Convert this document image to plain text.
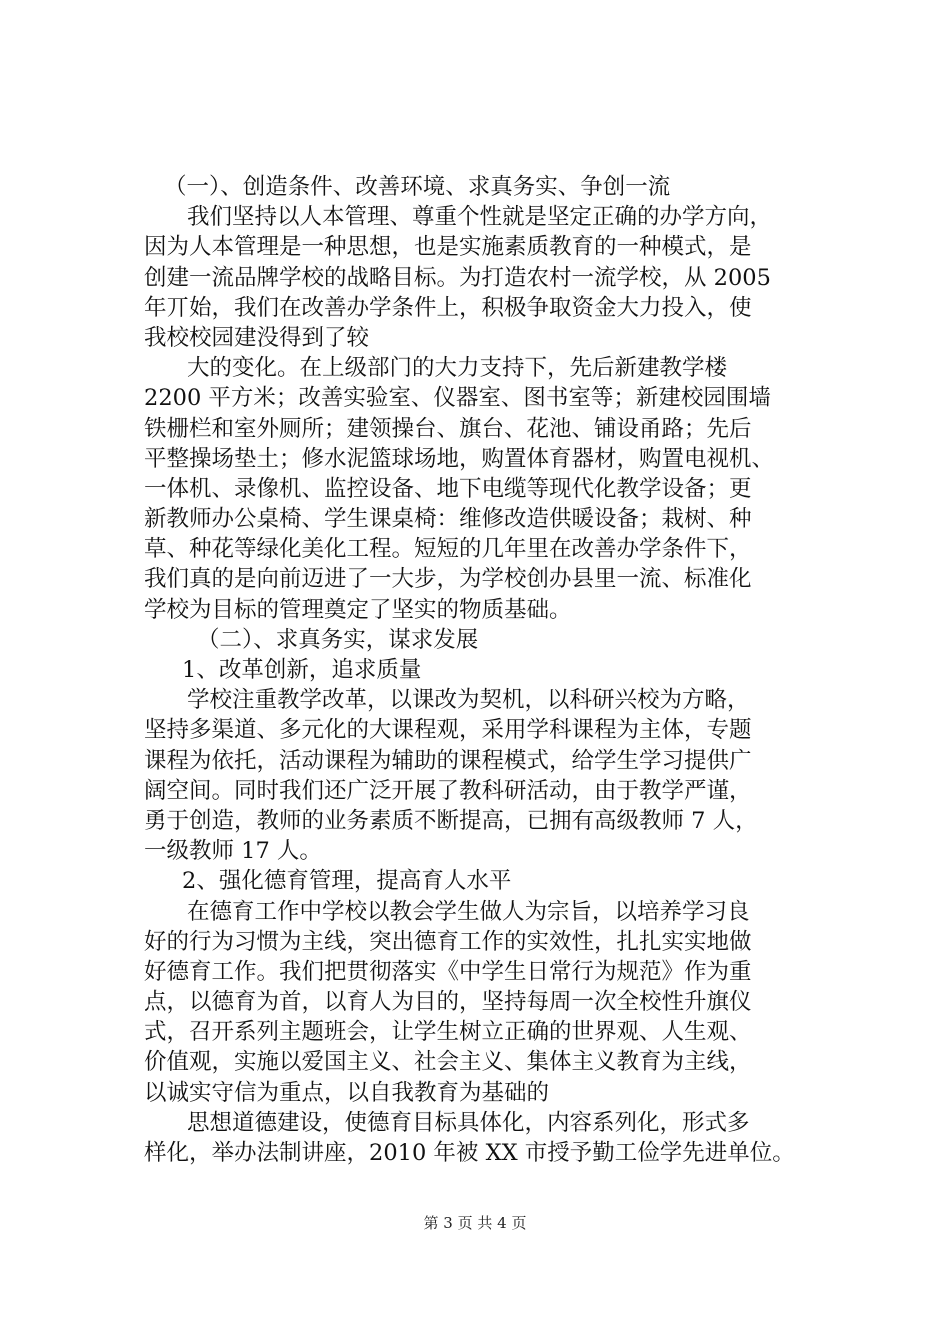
（一）、创造条件、改善环境、求真务实、争创一流
我们坚持以人本管理、尊重个性就是坚定正确的办学方向，
因为人本管理是一种思想，也是实施素质教育的一种模式，是
创建一流品牌学校的战略目标。为打造农村一流学校，从 2005
年丌始，我们在改善办学条件上，积极争取资金大力投入，使
我校校园建没得到了较
大的变化。在上级部门的大力支持下，先后新建教学楼
2200 平方米；改善实验室、仪器室、图书室等；新建校园围墙
铁栅栏和室外厕所；建领操台、旗台、花池、铺设甬路；先后
平整操场垫土；修水泥篮球场地，购置体育器材，购置电视机、
一体机、录像机、监控设备、地下电缆等现代化教学设备；更
新教师办公桌椅、学生课桌椅：维修改造供暖设备；栽树、种
草、种花等绿化美化工程。短短的几年里在改善办学条件下，
我们真的是向前迈进了一大步，为学校创办县里一流、标准化
学校为目标的管理奠定了坚实的物质基础。
（二）、求真务实，谋求发展
1、改革创新，追求质量
学校注重教学改革，以课改为契机，以科研兴校为方略，
坚持多渠道、多元化的大课程观，采用学科课程为主体，专题
课程为依托，活动课程为辅助的课程模式，给学生学习提供广
阔空间。同时我们还广泛开展了教科研活动，由于教学严谨，
勇于创造，教师的业务素质不断提高，已拥有高级教师 7 人，
一级教师 17 人。
2、强化德育管理，提高育人水平
在德育工作中学校以教会学生做人为宗旨，以培养学习良
好的行为习惯为主线，突出德育工作的实效性，扎扎实实地做
好德育工作。我们把贯彻落实《中学生日常行为规范》作为重
点，以德育为首，以育人为目的，坚持每周一次全校性升旗仪
式，召开系列主题班会，让学生树立正确的世界观、人生观、
价值观，实施以爱国主义、社会主义、集体主义教育为主线，
以诚实守信为重点，以自我教育为基础的
思想道德建设，使德育目标具体化，内容系列化，形式多
样化，举办法制讲座，2010 年被 XX 市授予勤工俭学先进单位。
第 3 页 共 4 页
